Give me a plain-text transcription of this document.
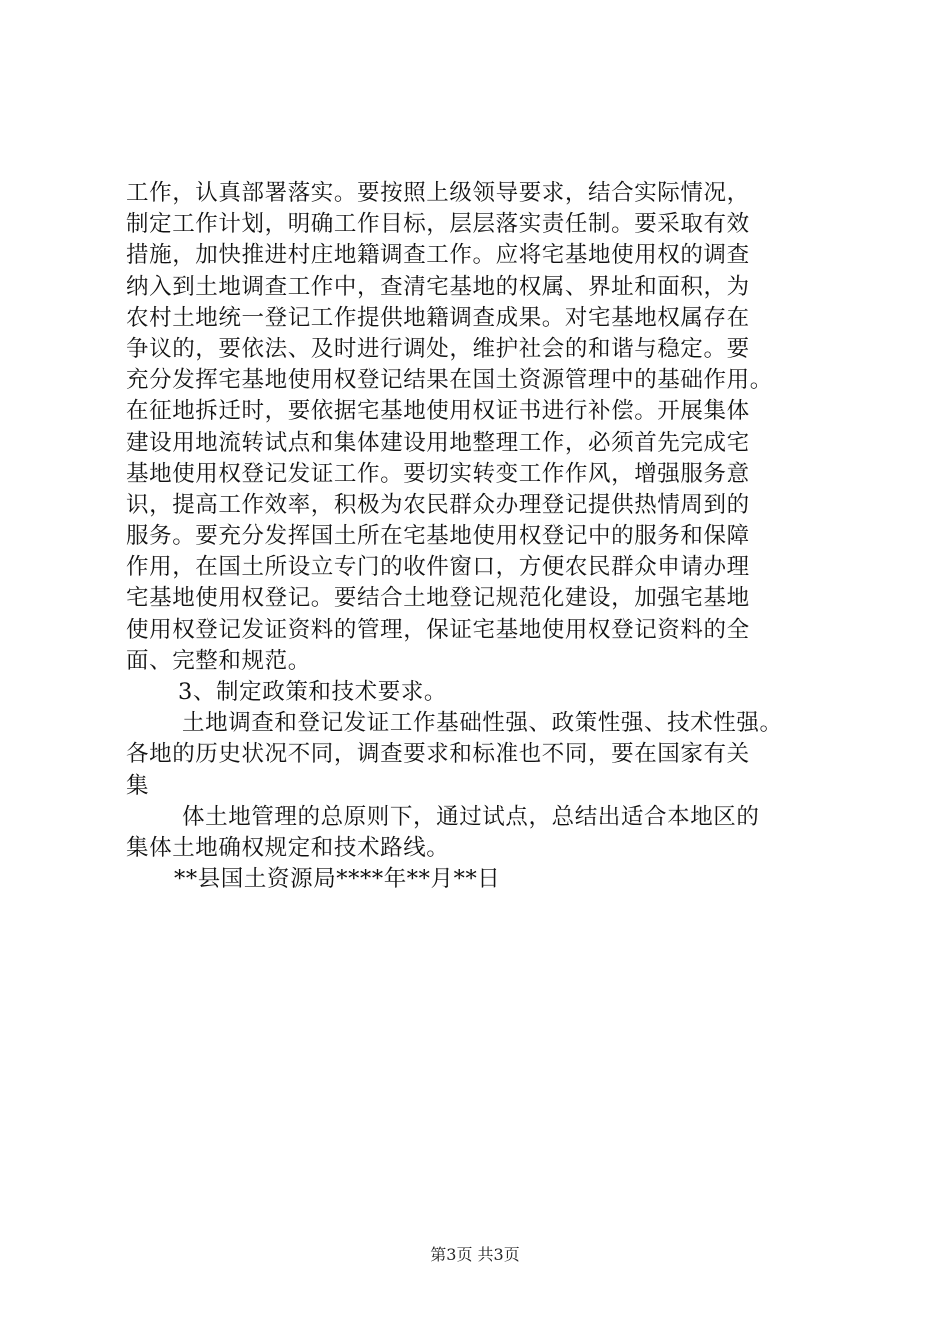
工作，认真部署落实。要按照上级领导要求，结合实际情况，
制定工作计划，明确工作目标，层层落实责任制。要采取有效
措施，加快推进村庄地籍调查工作。应将宅基地使用权的调查
纳入到土地调查工作中，查清宅基地的权属、界址和面积，为
农村土地统一登记工作提供地籍调查成果。对宅基地权属存在
争议的，要依法、及时进行调处，维护社会的和谐与稳定。要
充分发挥宅基地使用权登记结果在国土资源管理中的基础作用。
在征地拆迁时，要依据宅基地使用权证书进行补偿。开展集体
建设用地流转试点和集体建设用地整理工作，必须首先完成宅
基地使用权登记发证工作。要切实转变工作作风，增强服务意
识，提高工作效率，积极为农民群众办理登记提供热情周到的
服务。要充分发挥国土所在宅基地使用权登记中的服务和保障
作用，在国土所设立专门的收件窗口，方便农民群众申请办理
宅基地使用权登记。要结合土地登记规范化建设，加强宅基地
使用权登记发证资料的管理，保证宅基地使用权登记资料的全
面、完整和规范。
3、制定政策和技术要求。
土地调查和登记发证工作基础性强、政策性强、技术性强。
各地的历史状况不同，调查要求和标准也不同，要在国家有关
集
体土地管理的总原则下，通过试点，总结出适合本地区的
集体土地确权规定和技术路线。
**县国土资源局****年**月**日
第3页 共3页
